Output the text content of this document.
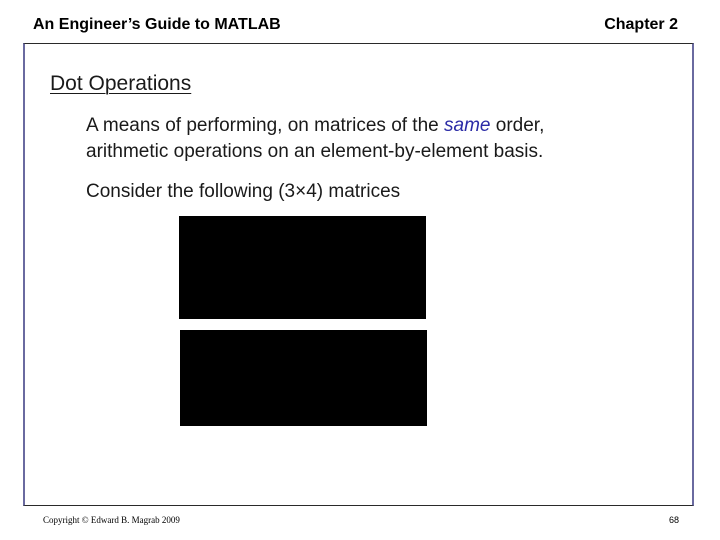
An Engineer’s Guide to MATLAB	Chapter 2
Dot Operations
A means of performing, on matrices of the same order,
arithmetic operations on an element-by-element basis.
Consider the following (3×4) matrices
Copyright © Edward B. Magrab 2009	68
